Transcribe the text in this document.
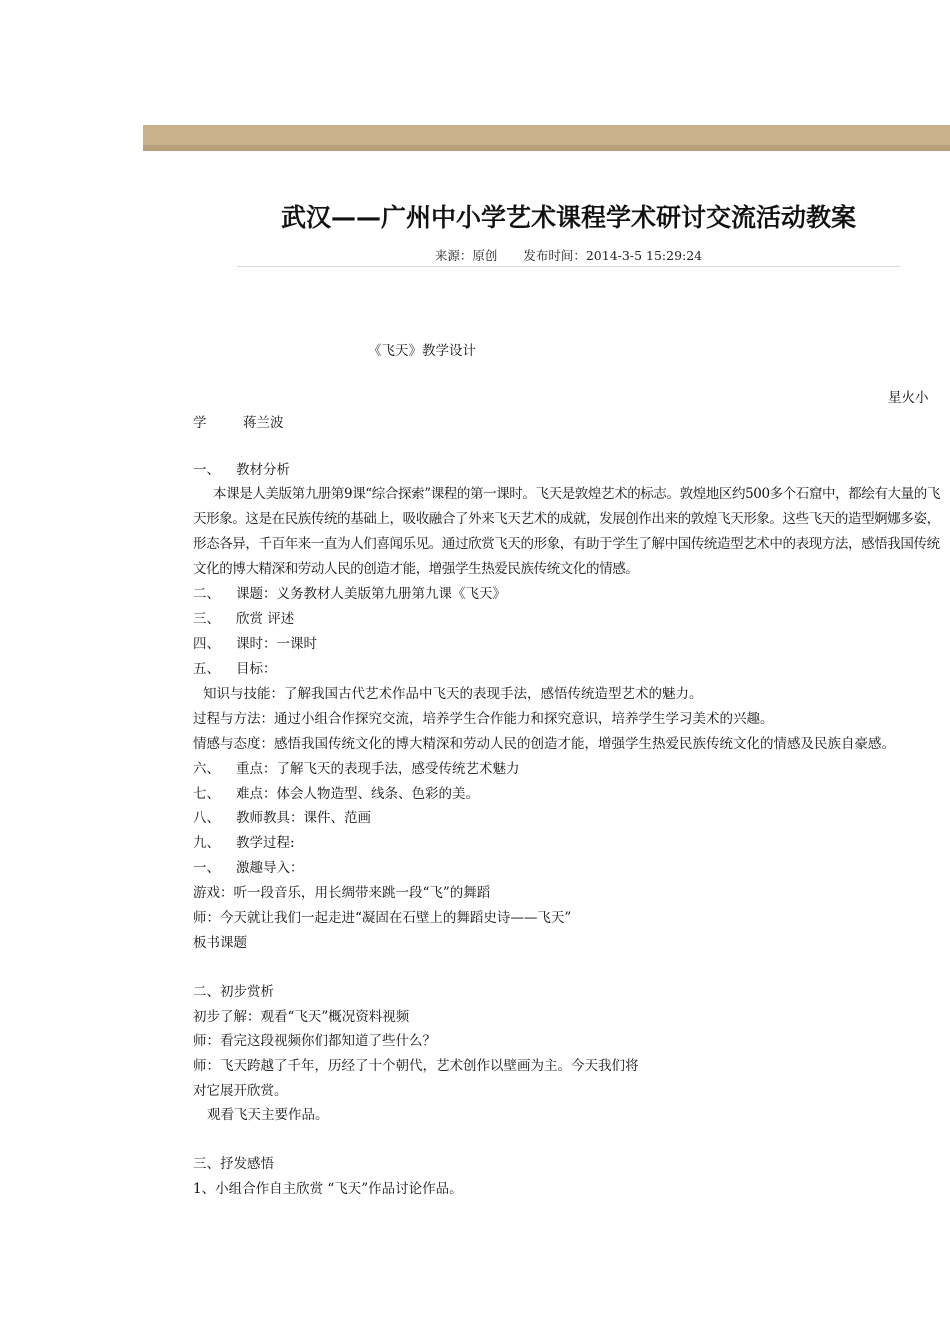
武汉——广州中小学艺术课程学术研讨交流活动教案
来源：原创 发布时间：2014-3-5 15:29:24
《飞天》教学设计
星火小
学	蒋兰波
一、 教材分析
本课是人美版第九册第9课“综合探索”课程的第一课时。飞天是敦煌艺术的标志。敦煌地区约500多个石窟中，都绘有大量的飞天形象。这是在民族传统的基础上，吸收融合了外来飞天艺术的成就，发展创作出来的敦煌飞天形象。这些飞天的造型婀娜多姿，形态各异，千百年来一直为人们喜闻乐见。通过欣赏飞天的形象，有助于学生了解中国传统造型艺术中的表现方法，感悟我国传统文化的博大精深和劳动人民的创造才能，增强学生热爱民族传统文化的情感。
二、 课题：义务教材人美版第九册第九课《飞天》
三、 欣赏 评述
四、 课时：一课时
五、 目标：
知识与技能：了解我国古代艺术作品中飞天的表现手法，感悟传统造型艺术的魅力。
过程与方法：通过小组合作探究交流，培养学生合作能力和探究意识，培养学生学习美术的兴趣。
情感与态度：感悟我国传统文化的博大精深和劳动人民的创造才能，增强学生热爱民族传统文化的情感及民族自豪感。
六、 重点：了解飞天的表现手法，感受传统艺术魅力
七、 难点：体会人物造型、线条、色彩的美。
八、 教师教具：课件、范画
九、 教学过程:
一、 激趣导入：
游戏：听一段音乐，用长绸带来跳一段“飞”的舞蹈
师：今天就让我们一起走进“凝固在石壁上的舞蹈史诗——飞天”
板书课题
二、初步赏析
初步了解：观看“飞天”概况资料视频
师：看完这段视频你们都知道了些什么？
师：飞天跨越了千年，历经了十个朝代，艺术创作以壁画为主。今天我们将
对它展开欣赏。
观看飞天主要作品。
三、抒发感悟
1、小组合作自主欣赏 “飞天”作品讨论作品。
